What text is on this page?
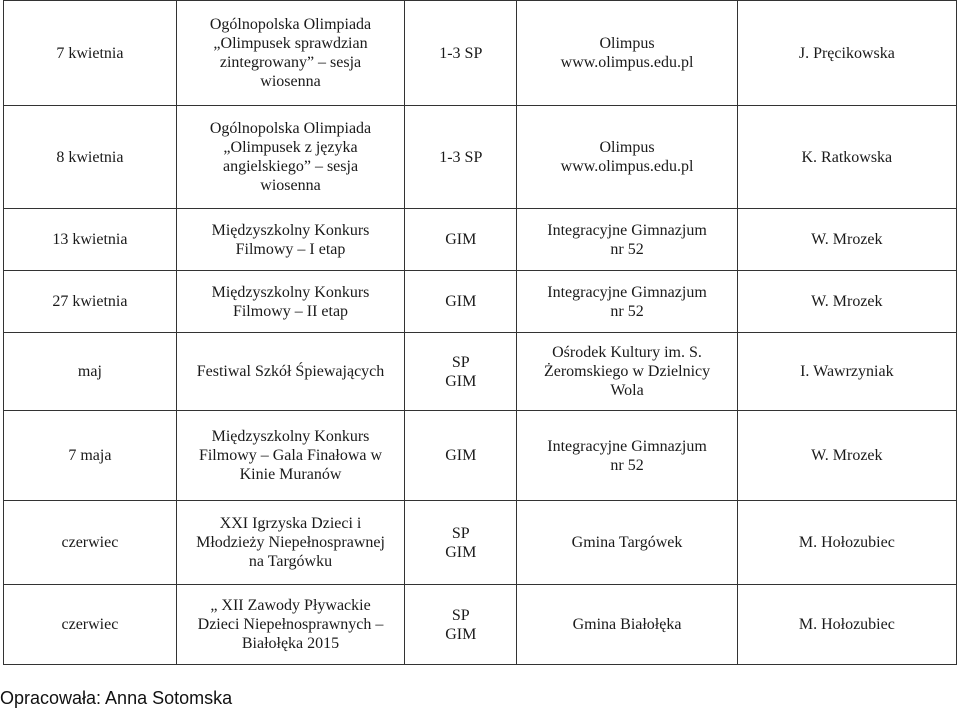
7 kwietnia	Ogólnopolska Olimpiada
„Olimpusek sprawdzian
zintegrowany” – sesja
wiosenna	1-3 SP	Olimpus
www.olimpus.edu.pl	J. Pręcikowska
8 kwietnia	Ogólnopolska Olimpiada
„Olimpusek z języka
angielskiego” – sesja
wiosenna	1-3 SP	Olimpus
www.olimpus.edu.pl	K. Ratkowska
13 kwietnia	Międzyszkolny Konkurs
Filmowy – I etap	GIM	Integracyjne Gimnazjum
nr 52	W. Mrozek
27 kwietnia	Międzyszkolny Konkurs
Filmowy – II etap	GIM	Integracyjne Gimnazjum
nr 52	W. Mrozek
maj	Festiwal Szkół Śpiewających	SP
GIM	Ośrodek Kultury im. S.
Żeromskiego w Dzielnicy
Wola	I. Wawrzyniak
7 maja	Międzyszkolny Konkurs
Filmowy – Gala Finałowa w
Kinie Muranów	GIM	Integracyjne Gimnazjum
nr 52	W. Mrozek
czerwiec	XXI Igrzyska Dzieci i
Młodzieży Niepełnosprawnej
na Targówku	SP
GIM	Gmina Targówek	M. Hołozubiec
czerwiec	„ XII Zawody Pływackie
Dzieci Niepełnosprawnych –
Białołęka 2015	SP
GIM	Gmina Białołęka	M. Hołozubiec
Opracowała: Anna Sotomska
